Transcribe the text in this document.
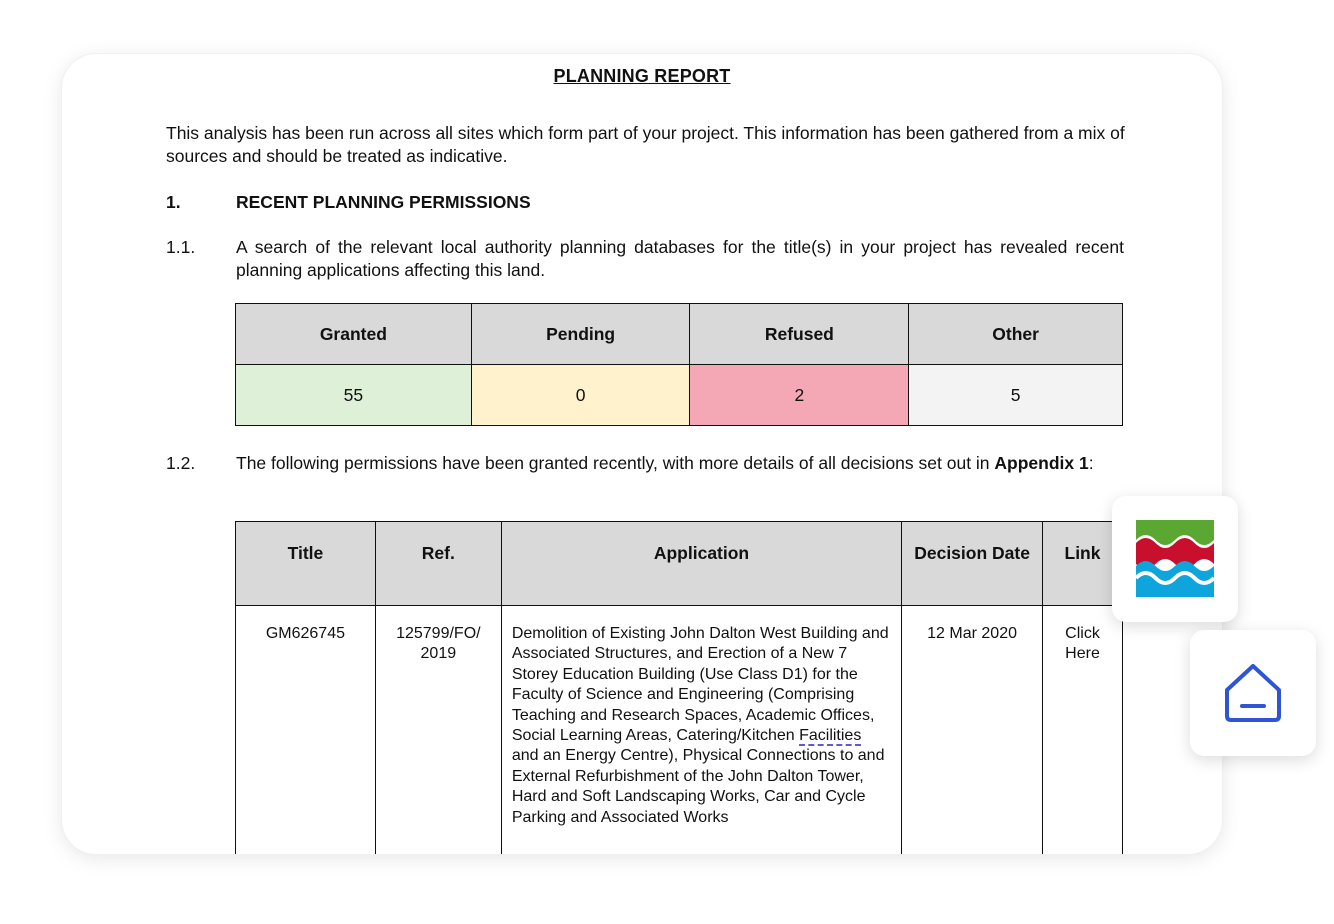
PLANNING REPORT
This analysis has been run across all sites which form part of your project. This information has been gathered from a mix of sources and should be treated as indicative.
1.	RECENT PLANNING PERMISSIONS
1.1. A search of the relevant local authority planning databases for the title(s) in your project has revealed recent planning applications affecting this land.
Granted	Pending	Refused	Other
55	0	2	5
1.2. The following permissions have been granted recently, with more details of all decisions set out in Appendix 1:
Title	Ref.	Application	Decision Date	Link
GM626745	125799/FO/ 2019	Demolition of Existing John Dalton West Building and Associated Structures, and Erection of a New 7 Storey Education Building (Use Class D1) for the Faculty of Science and Engineering (Comprising Teaching and Research Spaces, Academic Offices, Social Learning Areas, Catering/Kitchen Facilities and an Energy Centre), Physical Connections to and External Refurbishment of the John Dalton Tower, Hard and Soft Landscaping Works, Car and Cycle Parking and Associated Works	12 Mar 2020	Click Here
